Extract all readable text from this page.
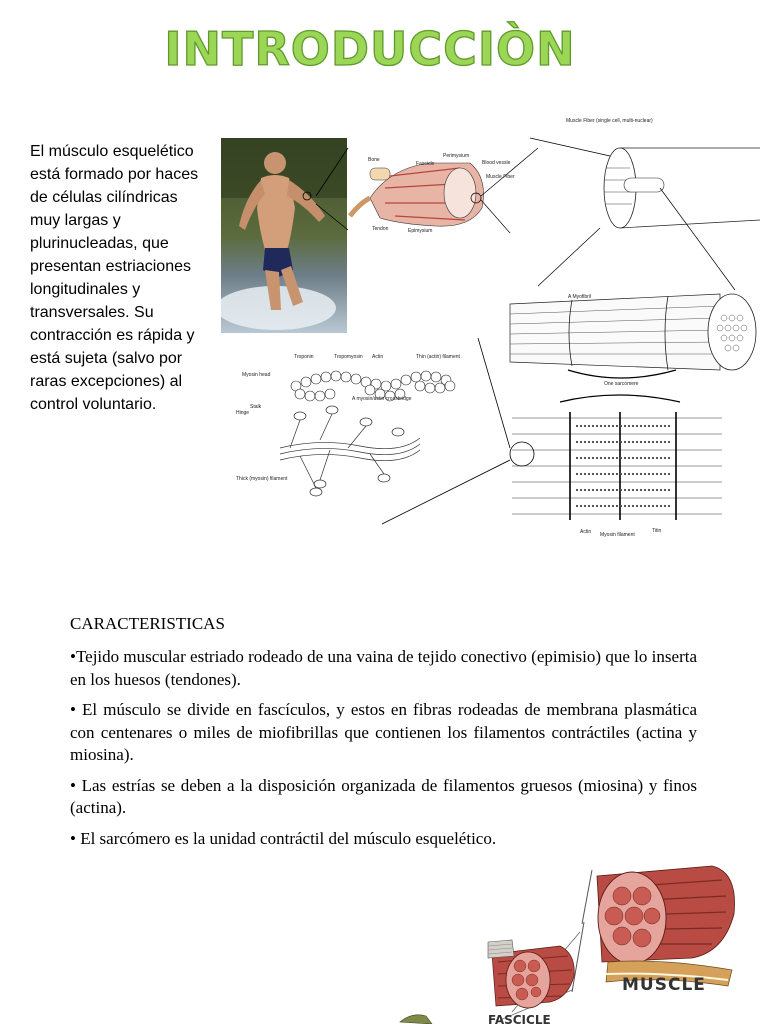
INTRODUCCIÒN

El músculo esquelético está formado por haces de células cilíndricas muy largas y plurinucleadas, que presentan estriaciones longitudinales y transversales. Su contracción es rápida y está sujeta (salvo por raras excepciones) al control voluntario.

Bone
Perimysium
Blood vessle
Fascicle
Muscle Fiber
Tendon	Epimysium
Muscle Fiber (single cell, multi-nuclear)
A Myofibril
One sarcomere
Actin Myosin filament
Titin
Troponin	Tropomyosin Actin	Thin (actin) filament
Myosin head
A myosin/actin crossbridge
Stalk
Hinge
Thick (myosin) filament
CARACTERISTICAS

•Tejido muscular estriado rodeado de una vaina de tejido conectivo (epimisio) que lo inserta en los huesos (tendones).

• El músculo se divide en fascículos, y estos en fibras rodeadas de membrana plasmática con centenares o miles de miofibrillas que contienen los filamentos contráctiles (actina y miosina).

• Las estrías se deben a la disposición organizada de filamentos gruesos (miosina) y finos (actina).

• El sarcómero es la unidad contráctil del músculo esquelético.

MUSCLE
FASCICLE
